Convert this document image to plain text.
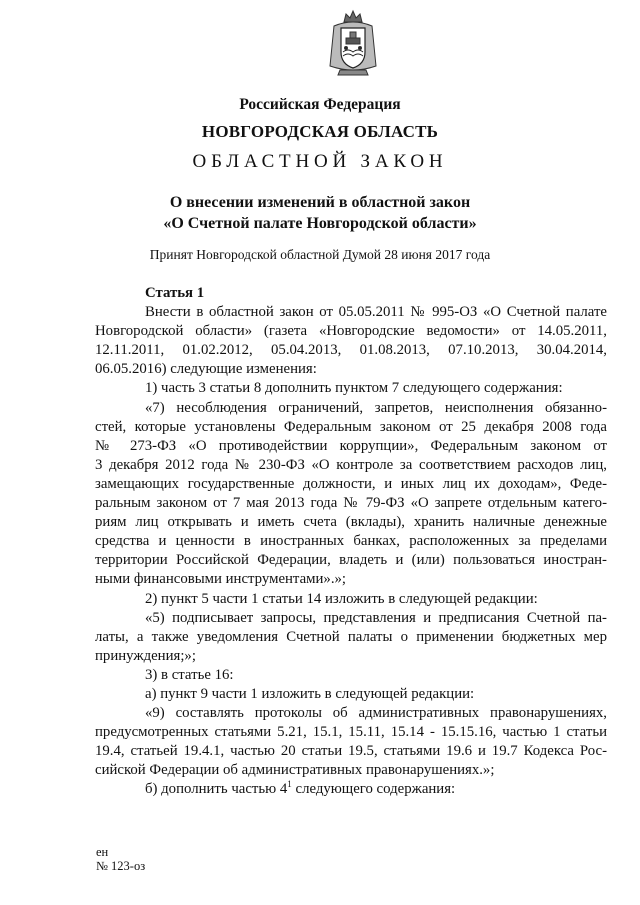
Российская Федерация
НОВГОРОДСКАЯ ОБЛАСТЬ
ОБЛАСТНОЙ ЗАКОН
О внесении изменений в областной закон
«О Счетной палате Новгородской области»
Принят Новгородской областной Думой 28 июня 2017 года

Статья 1

Внести в областной закон от 05.05.2011 № 995-ОЗ «О Счетной палате

Новгородской области» (газета «Новгородские ведомости» от 14.05.2011,

12.11.2011, 01.02.2012, 05.04.2013, 01.08.2013, 07.10.2013, 30.04.2014,

06.05.2016) следующие изменения:

1) часть 3 статьи 8 дополнить пунктом 7 следующего содержания:

«7) несоблюдения ограничений, запретов, неисполнения обязанно-

стей, которые установлены Федеральным законом от 25 декабря 2008 года

№ 273-ФЗ «О противодействии коррупции», Федеральным законом от

3 декабря 2012 года № 230-ФЗ «О контроле за соответствием расходов лиц,

замещающих государственные должности, и иных лиц их доходам», Феде-

ральным законом от 7 мая 2013 года № 79-ФЗ «О запрете отдельным катего-

риям лиц открывать и иметь счета (вклады), хранить наличные денежные

средства и ценности в иностранных банках, расположенных за пределами

территории Российской Федерации, владеть и (или) пользоваться иностран-

ными финансовыми инструментами».»;

2) пункт 5 части 1 статьи 14 изложить в следующей редакции:

«5) подписывает запросы, представления и предписания Счетной па-

латы, а также уведомления Счетной палаты о применении бюджетных мер

принуждения;»;

3) в статье 16:

а) пункт 9 части 1 изложить в следующей редакции:

«9) составлять протоколы об административных правонарушениях,

предусмотренных статьями 5.21, 15.1, 15.11, 15.14 - 15.15.16, частью 1 статьи

19.4, статьей 19.4.1, частью 20 статьи 19.5, статьями 19.6 и 19.7 Кодекса Рос-

сийской Федерации об административных правонарушениях.»;

б) дополнить частью $4^1$ следующего содержания:

ен
№ 123-оз
